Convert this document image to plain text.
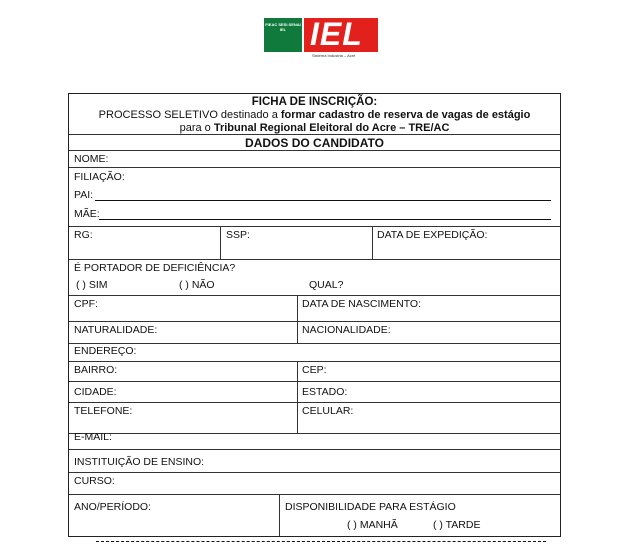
FIEAC SESI SENAI IEL IEL
Sistema Indústria – Acre
FICHA DE INSCRIÇÃO:
PROCESSO SELETIVO destinado a formar cadastro de reserva de vagas de estágio
para o Tribunal Regional Eleitoral do Acre – TRE/AC
DADOS DO CANDIDATO
NOME:
FILIAÇÃO:
PAI:
MÃE:
RG:	SSP:	DATA DE EXPEDIÇÃO:
É PORTADOR DE DEFICIÊNCIA?
( ) SIM	( ) NÃO	QUAL?
CPF:	DATA DE NASCIMENTO:
NATURALIDADE:	NACIONALIDADE:
ENDEREÇO:
BAIRRO:	CEP:
CIDADE:	ESTADO:
TELEFONE:	CELULAR:
E-MAIL:
INSTITUIÇÃO DE ENSINO:
CURSO:
ANO/PERÍODO:	DISPONIBILIDADE PARA ESTÁGIO
( ) MANHÃ	( ) TARDE
